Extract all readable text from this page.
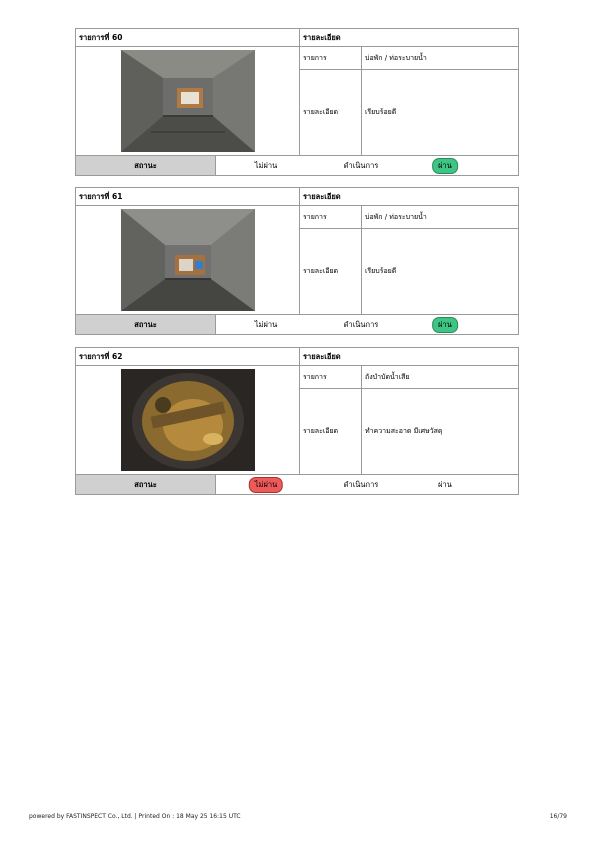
รายการที่ 60	รายละเอียด
รายการ	บ่อพัก / ท่อระบายน้ำ
รายละเอียด	เรียบร้อยดี
สถานะ	ไม่ผ่าน	ดำเนินการ	ผ่าน
รายการที่ 61	รายละเอียด
รายการ	บ่อพัก / ท่อระบายน้ำ
รายละเอียด	เรียบร้อยดี
สถานะ	ไม่ผ่าน	ดำเนินการ	ผ่าน
รายการที่ 62	รายละเอียด
รายการ	ถังบำบัดน้ำเสีย
รายละเอียด	ทำความสะอาด มีเศษวัสดุ
สถานะ	ไม่ผ่าน	ดำเนินการ	ผ่าน
powered by FASTINSPECT Co., Ltd. | Printed On : 18 May 25 16:15 UTC	16/79
